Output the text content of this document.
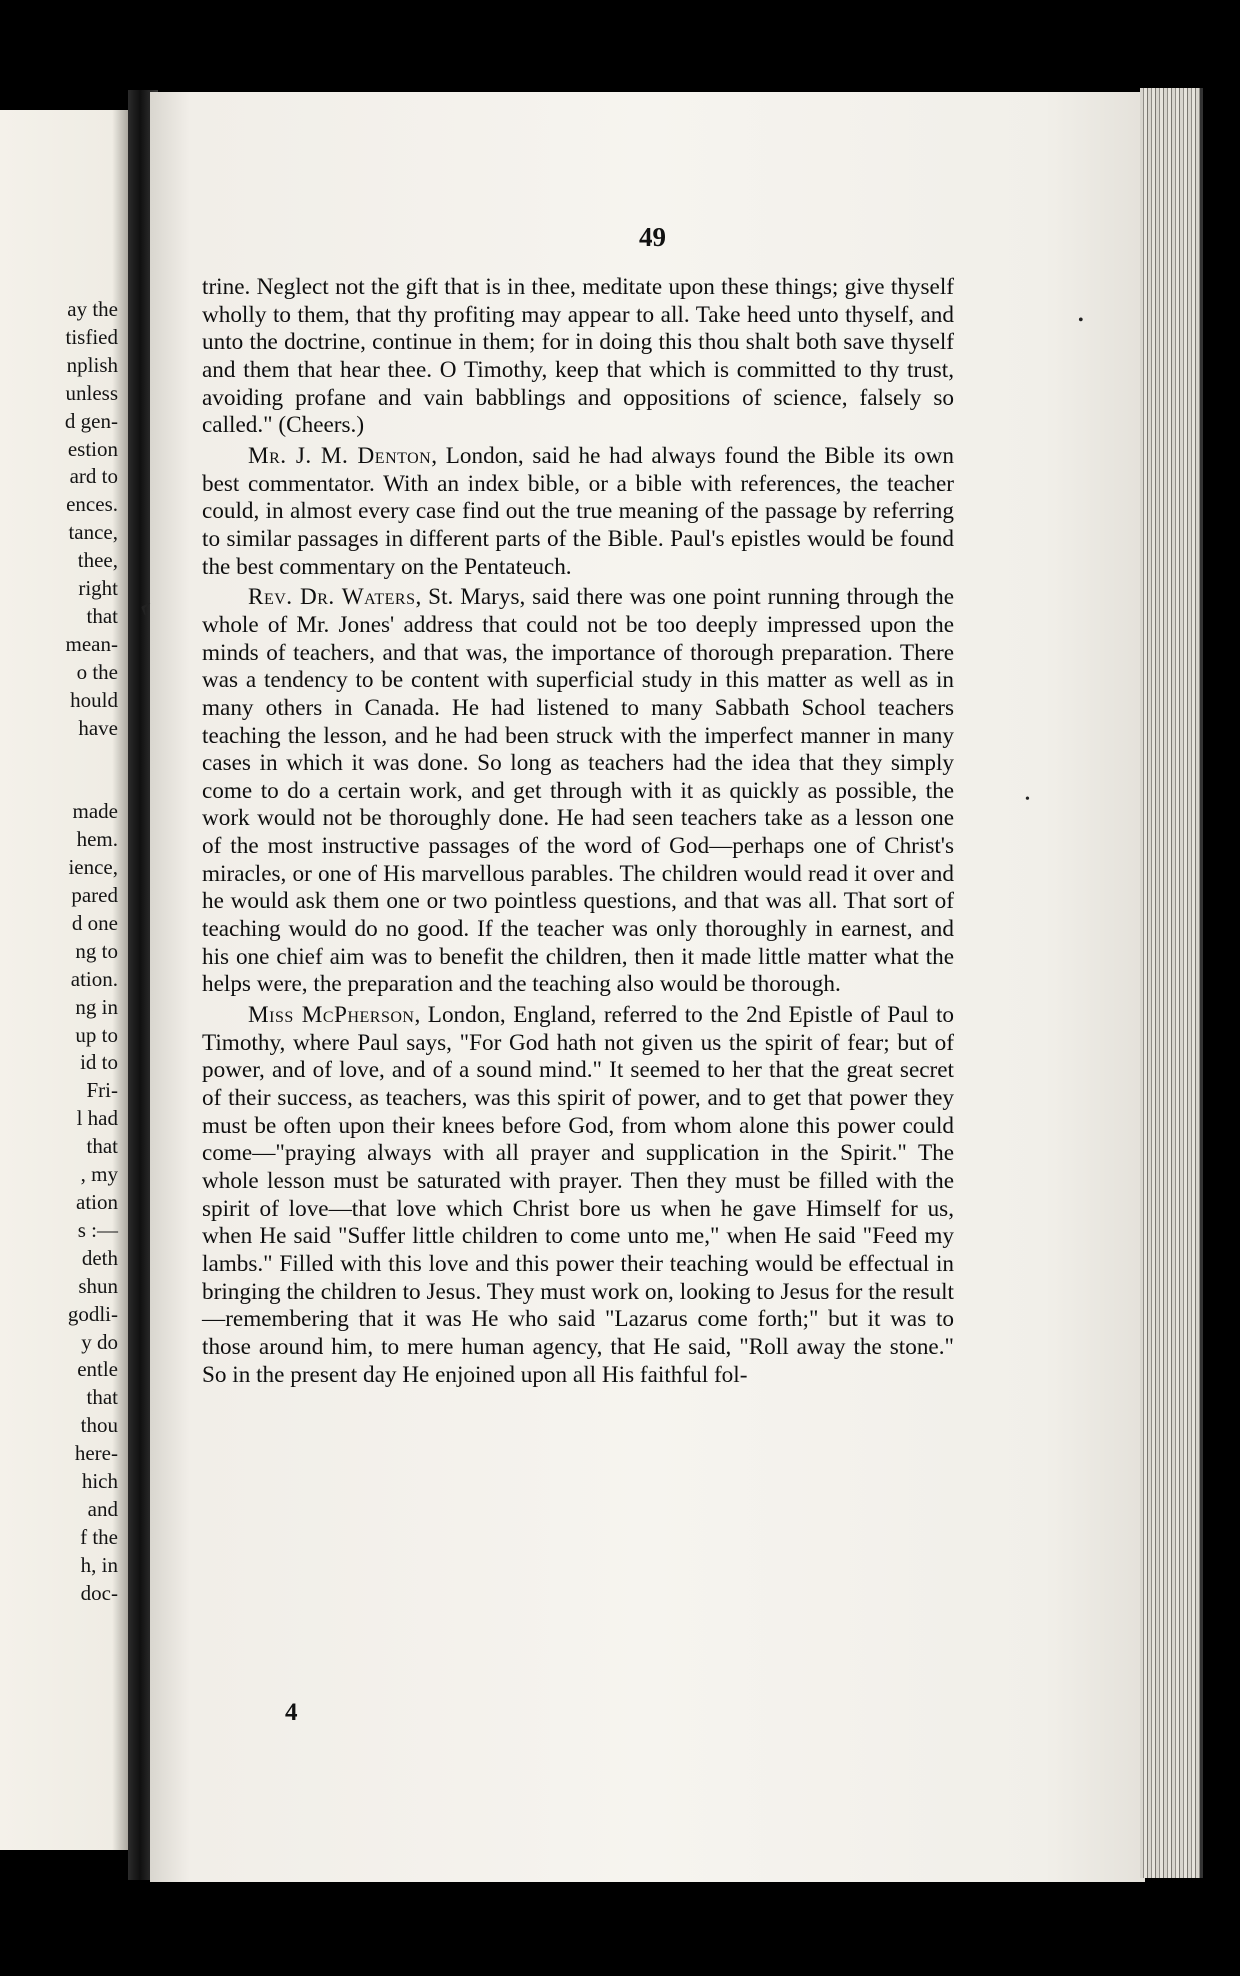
ay the
tisfied
nplish
unless
d gen-
estion
ard to
ences.
tance,
thee,
right
that
mean-
o the
hould
have

made
hem.
ience,
pared
d one
ng to
ation.
ng in
up to
id to
Fri-
l had
that
, my
ation
s :—
deth
shun
godli-
y do
entle
that
thou
here-
hich
and
f the
h, in
doc-
49

trine. Neglect not the gift that is in thee, meditate upon these things; give thyself wholly to them, that thy profiting may appear to all. Take heed unto thyself, and unto the doctrine, continue in them; for in doing this thou shalt both save thyself and them that hear thee. O Timothy, keep that which is committed to thy trust, avoiding profane and vain babblings and oppositions of science, falsely so called." (Cheers.)

Mr. J. M. Denton, London, said he had always found the Bible its own best commentator. With an index bible, or a bible with references, the teacher could, in almost every case find out the true meaning of the passage by referring to similar passages in different parts of the Bible. Paul's epistles would be found the best commentary on the Pentateuch.

Rev. Dr. Waters, St. Marys, said there was one point running through the whole of Mr. Jones' address that could not be too deeply impressed upon the minds of teachers, and that was, the importance of thorough preparation. There was a tendency to be content with superficial study in this matter as well as in many others in Canada. He had listened to many Sabbath School teachers teaching the lesson, and he had been struck with the imperfect manner in many cases in which it was done. So long as teachers had the idea that they simply come to do a certain work, and get through with it as quickly as possible, the work would not be thoroughly done. He had seen teachers take as a lesson one of the most instructive passages of the word of God—perhaps one of Christ's miracles, or one of His marvellous parables. The children would read it over and he would ask them one or two pointless questions, and that was all. That sort of teaching would do no good. If the teacher was only thoroughly in earnest, and his one chief aim was to benefit the children, then it made little matter what the helps were, the preparation and the teaching also would be thorough.

Miss McPherson, London, England, referred to the 2nd Epistle of Paul to Timothy, where Paul says, "For God hath not given us the spirit of fear; but of power, and of love, and of a sound mind." It seemed to her that the great secret of their success, as teachers, was this spirit of power, and to get that power they must be often upon their knees before God, from whom alone this power could come—"praying always with all prayer and supplication in the Spirit." The whole lesson must be saturated with prayer. Then they must be filled with the spirit of love—that love which Christ bore us when he gave Himself for us, when He said "Suffer little children to come unto me," when He said "Feed my lambs." Filled with this love and this power their teaching would be effectual in bringing the children to Jesus. They must work on, looking to Jesus for the result—remembering that it was He who said "Lazarus come forth;" but it was to those around him, to mere human agency, that He said, "Roll away the stone." So in the present day He enjoined upon all His faithful fol-

4
‹
•
•
